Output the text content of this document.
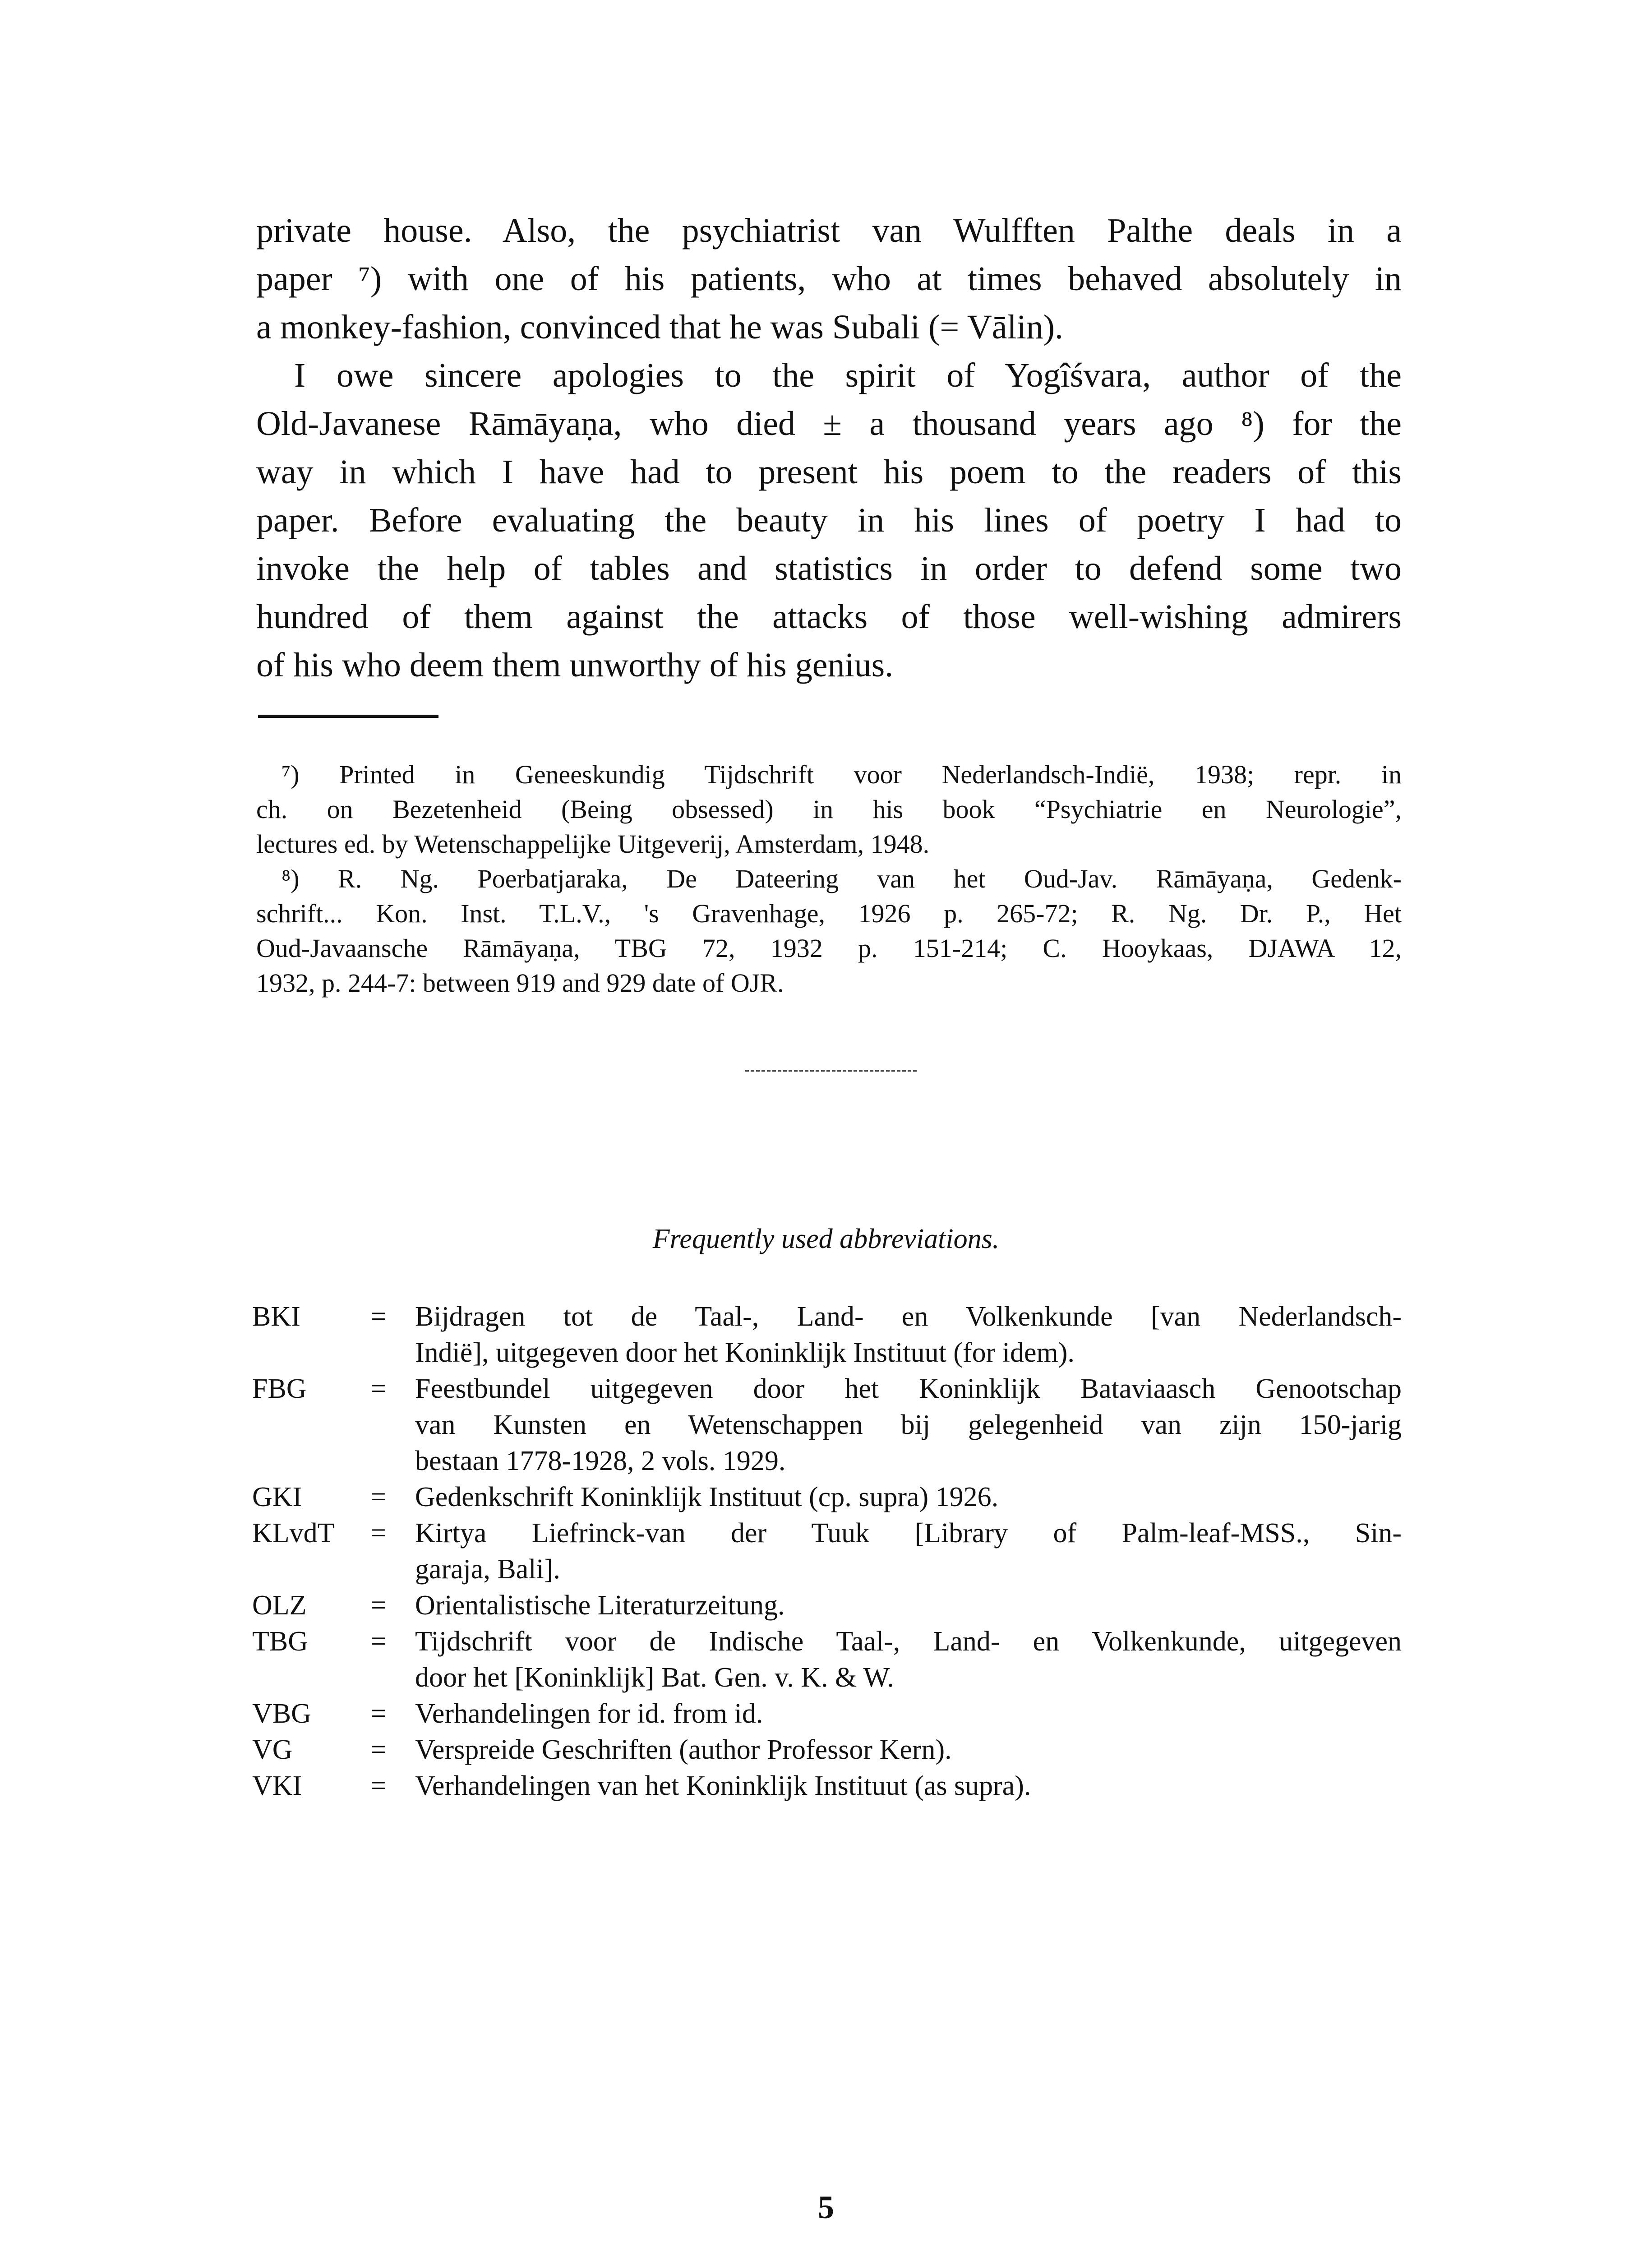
private house. Also, the psychiatrist van Wulfften Palthe deals in a
paper ⁷) with one of his patients, who at times behaved absolutely in
a monkey-fashion, convinced that he was Subali (= Vālin).
I owe sincere apologies to the spirit of Yogîśvara, author of the
Old-Javanese Rāmāyaṇa, who died ± a thousand years ago ⁸) for the
way in which I have had to present his poem to the readers of this
paper. Before evaluating the beauty in his lines of poetry I had to
invoke the help of tables and statistics in order to defend some two
hundred of them against the attacks of those well-wishing admirers
of his who deem them unworthy of his genius.
⁷) Printed in Geneeskundig Tijdschrift voor Nederlandsch-Indië, 1938; repr. in
ch. on Bezetenheid (Being obsessed) in his book “Psychiatrie en Neurologie”,
lectures ed. by Wetenschappelijke Uitgeverij, Amsterdam, 1948.
⁸) R. Ng. Poerbatjaraka, De Dateering van het Oud-Jav. Rāmāyaṇa, Gedenk-
schrift... Kon. Inst. T.L.V., 's Gravenhage, 1926 p. 265-72; R. Ng. Dr. P., Het
Oud-Javaansche Rāmāyaṇa, TBG 72, 1932 p. 151-214; C. Hooykaas, DJAWA 12,
1932, p. 244-7: between 919 and 929 date of OJR.
Frequently used abbreviations.
BKI	= Bijdragen tot de Taal-, Land- en Volkenkunde [van Nederlandsch-
Indië], uitgegeven door het Koninklijk Instituut (for idem).
FBG = Feestbundel uitgegeven door het Koninklijk Bataviaasch Genootschap
van Kunsten en Wetenschappen bij gelegenheid van zijn 150-jarig
bestaan 1778-1928, 2 vols. 1929.
GKI = Gedenkschrift Koninklijk Instituut (cp. supra) 1926.
KLvdT = Kirtya Liefrinck-van der Tuuk [Library of Palm-leaf-MSS., Sin-
garaja, Bali].
OLZ = Orientalistische Literaturzeitung.
TBG = Tijdschrift voor de Indische Taal-, Land- en Volkenkunde, uitgegeven
door het [Koninklijk] Bat. Gen. v. K. & W.
VBG = Verhandelingen for id. from id.
VG	= Verspreide Geschriften (author Professor Kern).
VKI = Verhandelingen van het Koninklijk Instituut (as supra).
5
